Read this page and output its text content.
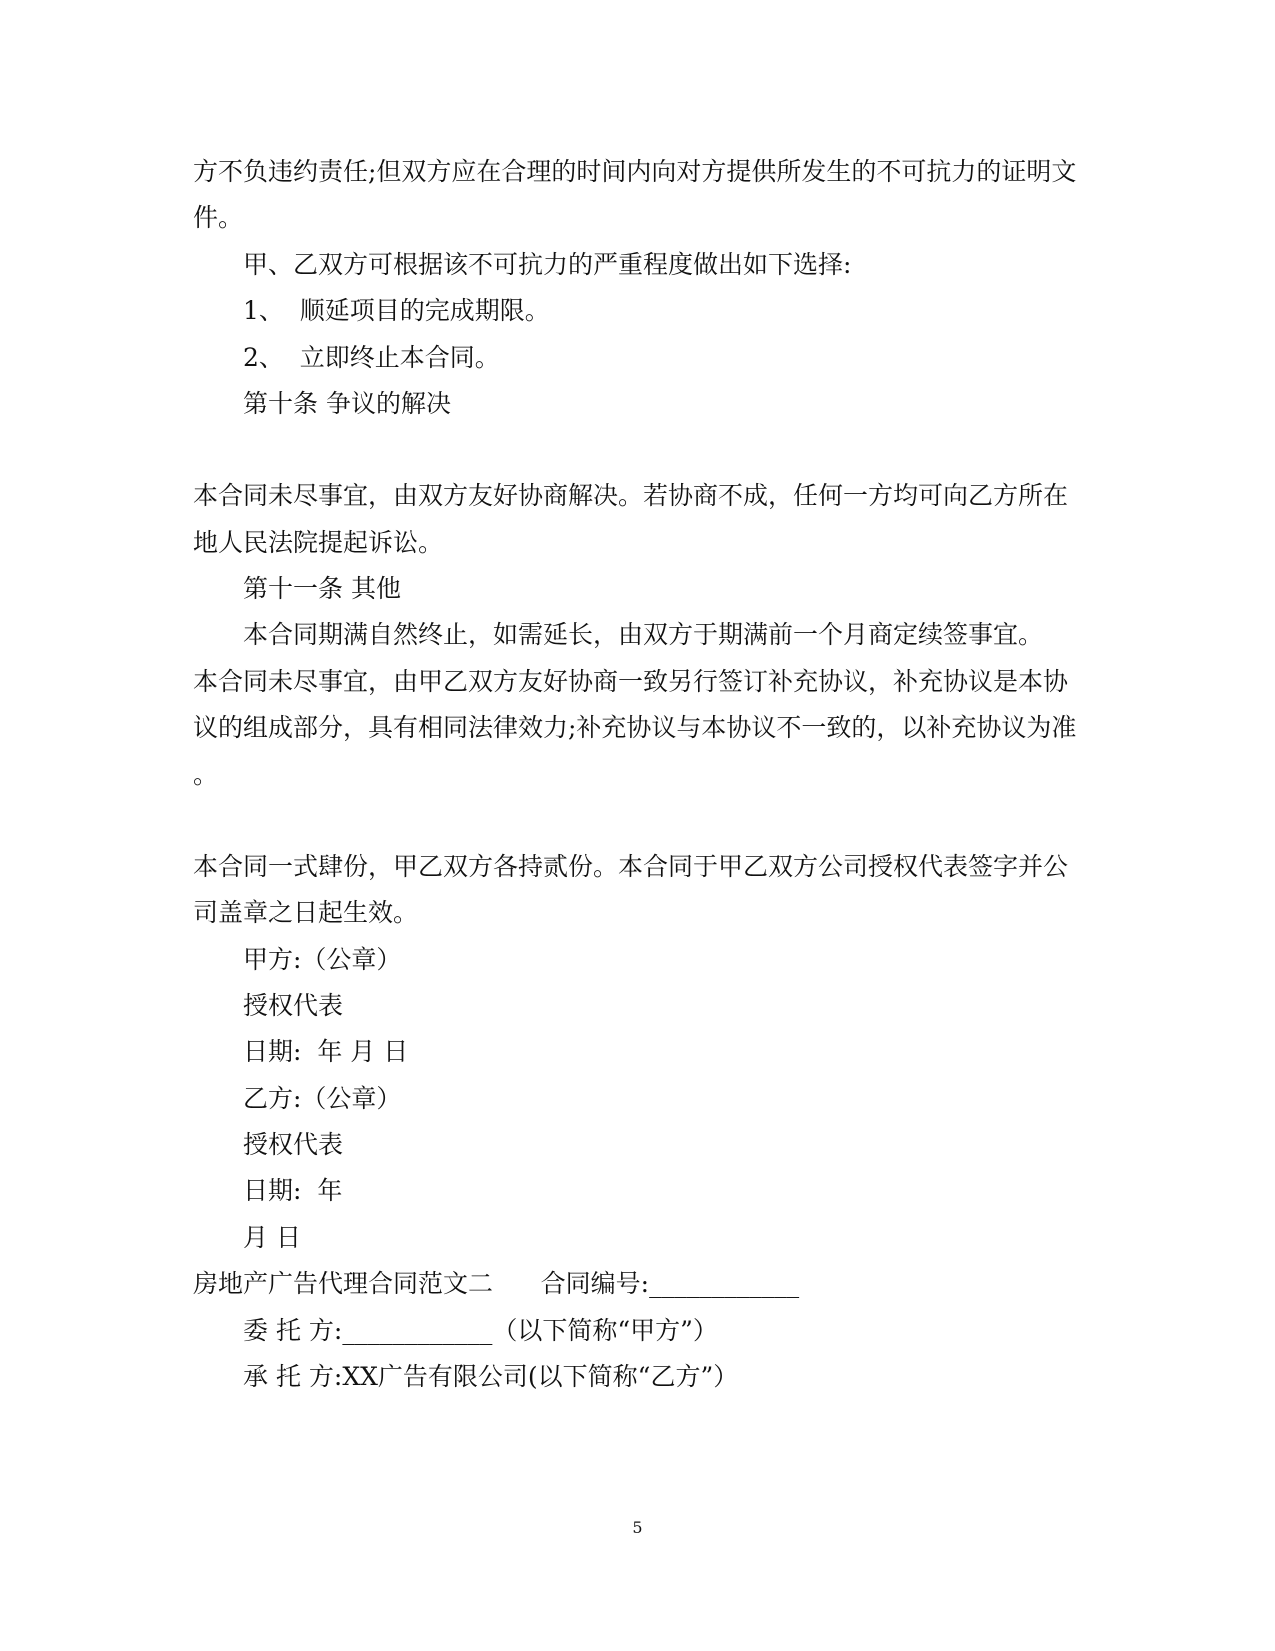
方不负违约责任;但双方应在合理的时间内向对方提供所发生的不可抗力的证明文
件。
甲、乙双方可根据该不可抗力的严重程度做出如下选择:
1、  顺延项目的完成期限。
2、  立即终止本合同。
第十条 争议的解决
本合同未尽事宜，由双方友好协商解决。若协商不成，任何一方均可向乙方所在
地人民法院提起诉讼。
第十一条 其他
本合同期满自然终止，如需延长，由双方于期满前一个月商定续签事宜。
本合同未尽事宜，由甲乙双方友好协商一致另行签订补充协议，补充协议是本协
议的组成部分，具有相同法律效力;补充协议与本协议不一致的，以补充协议为准
。
本合同一式肆份，甲乙双方各持贰份。本合同于甲乙双方公司授权代表签字并公
司盖章之日起生效。
甲方:（公章）
授权代表
日期:  年 月 日
乙方:（公章）
授权代表
日期:  年
月 日
房地产广告代理合同范文二      合同编号:____________
委 托 方:____________（以下简称“甲方”）
承 托 方:XX广告有限公司(以下简称“乙方”）
5
